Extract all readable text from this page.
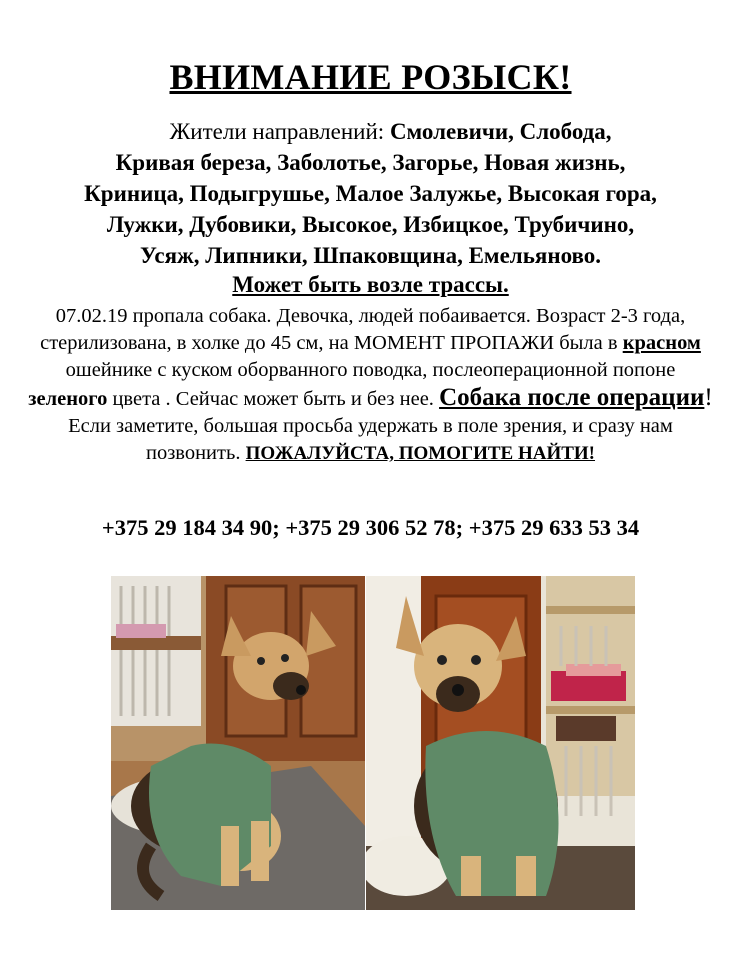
ВНИМАНИЕ РОЗЫСК!
Жители направлений: Смолевичи, Слобода,
Кривая береза, Заболотье, Загорье, Новая жизнь,
Криница, Подыгрушье, Малое Залужье, Высокая гора,
Лужки, Дубовики, Высокое, Избицкое, Трубичино,
Усяж, Липники, Шпаковщина, Емельяново.
Может быть возле трассы.
07.02.19 пропала собака. Девочка, людей побаивается. Возраст 2-3 года, стерилизована, в холке до 45 см, на МОМЕНТ ПРОПАЖИ была в красном ошейнике с куском оборванного поводка, послеоперационной попоне зеленого цвета . Сейчас может быть и без нее. Собака после операции! Если заметите, большая просьба удержать в поле зрения, и сразу нам позвонить. ПОЖАЛУЙСТА, ПОМОГИТЕ НАЙТИ!
+375 29 184 34 90; +375 29 306 52 78; +375 29 633 53 34
